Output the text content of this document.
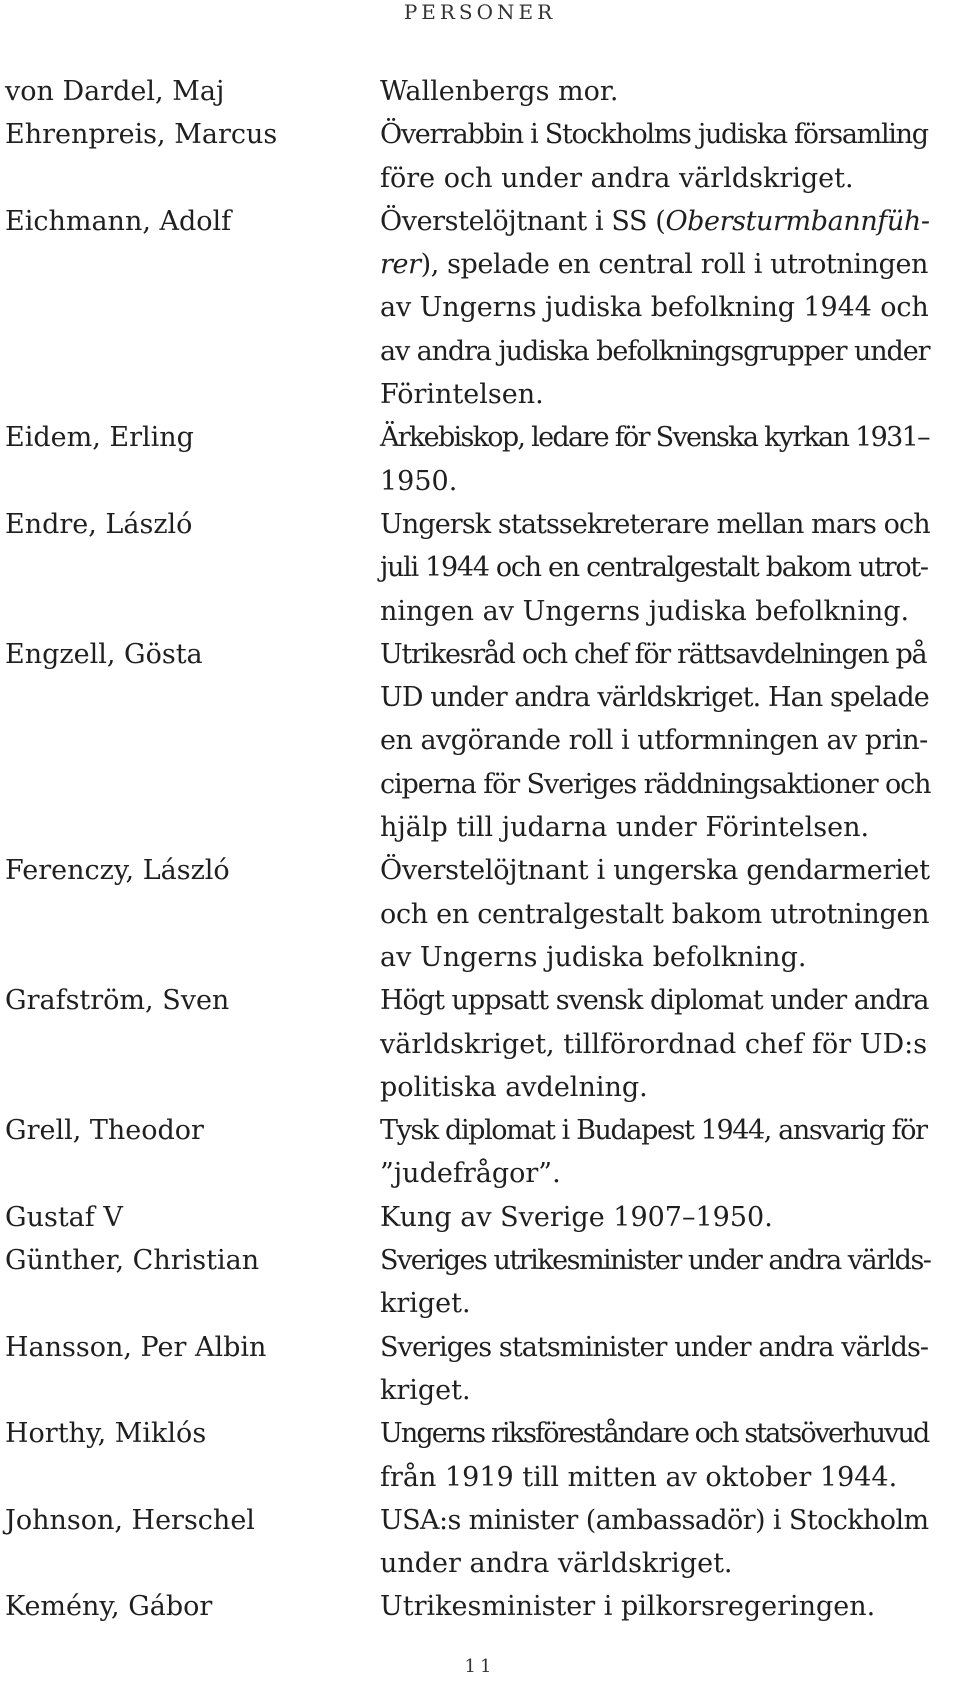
PERSONER
von Dardel, Maj	Wallenbergs mor.
Ehrenpreis, Marcus	Överrabbin i Stockholms judiska församling
före och under andra världskriget.
Eichmann, Adolf	Överstelöjtnant i SS (Obersturmbannfüh-
rer), spelade en central roll i utrotningen
av Ungerns judiska befolkning 1944 och
av andra judiska befolkningsgrupper under
Förintelsen.
Eidem, Erling	Ärkebiskop, ledare för Svenska kyrkan 1931–
1950.
Endre, László	Ungersk statssekreterare mellan mars och
juli 1944 och en centralgestalt bakom utrot-
ningen av Ungerns judiska befolkning.
Engzell, Gösta	Utrikesråd och chef för rättsavdelningen på
UD under andra världskriget. Han spelade
en avgörande roll i utformningen av prin-
ciperna för Sveriges räddningsaktioner och
hjälp till judarna under Förintelsen.
Ferenczy, László	Överstelöjtnant i ungerska gendarmeriet
och en centralgestalt bakom utrotningen
av Ungerns judiska befolkning.
Grafström, Sven	Högt uppsatt svensk diplomat under andra
världskriget, tillförordnad chef för UD:s
politiska avdelning.
Grell, Theodor	Tysk diplomat i Budapest 1944, ansvarig för
”judefrågor”.
Gustaf V	Kung av Sverige 1907–1950.
Günther, Christian	Sveriges utrikesminister under andra världs-
kriget.
Hansson, Per Albin	Sveriges statsminister under andra världs-
kriget.
Horthy, Miklós	Ungerns riksföreståndare och statsöverhuvud
från 1919 till mitten av oktober 1944.
Johnson, Herschel	USA:s minister (ambassadör) i Stockholm
under andra världskriget.
Kemény, Gábor	Utrikesminister i pilkorsregeringen.
11
